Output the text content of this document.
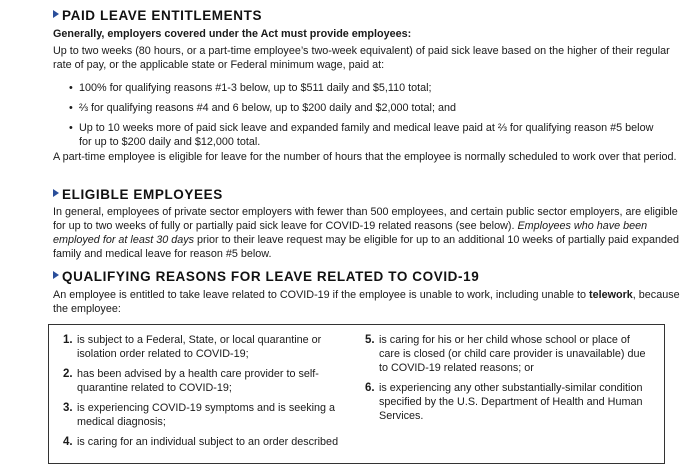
PAID LEAVE ENTITLEMENTS
Generally, employers covered under the Act must provide employees:
Up to two weeks (80 hours, or a part-time employee’s two-week equivalent) of paid sick leave based on the higher of their regular rate of pay, or the applicable state or Federal minimum wage, paid at:
• 100% for qualifying reasons #1-3 below, up to $511 daily and $5,110 total;
• ⅔ for qualifying reasons #4 and 6 below, up to $200 daily and $2,000 total; and
• Up to 10 weeks more of paid sick leave and expanded family and medical leave paid at ⅔ for qualifying reason #5 below for up to $200 daily and $12,000 total.
A part-time employee is eligible for leave for the number of hours that the employee is normally scheduled to work over that period.
ELIGIBLE EMPLOYEES
In general, employees of private sector employers with fewer than 500 employees, and certain public sector employers, are eligible for up to two weeks of fully or partially paid sick leave for COVID-19 related reasons (see below). Employees who have been employed for at least 30 days prior to their leave request may be eligible for up to an additional 10 weeks of partially paid expanded family and medical leave for reason #5 below.
QUALIFYING REASONS FOR LEAVE RELATED TO COVID-19
An employee is entitled to take leave related to COVID-19 if the employee is unable to work, including unable to telework, because the employee:
1. is subject to a Federal, State, or local quarantine or isolation order related to COVID-19;
2. has been advised by a health care provider to self-quarantine related to COVID-19;
3. is experiencing COVID-19 symptoms and is seeking a medical diagnosis;
4. is caring for an individual subject to an order described
5. is caring for his or her child whose school or place of care is closed (or child care provider is unavailable) due to COVID-19 related reasons; or
6. is experiencing any other substantially-similar condition specified by the U.S. Department of Health and Human Services.
